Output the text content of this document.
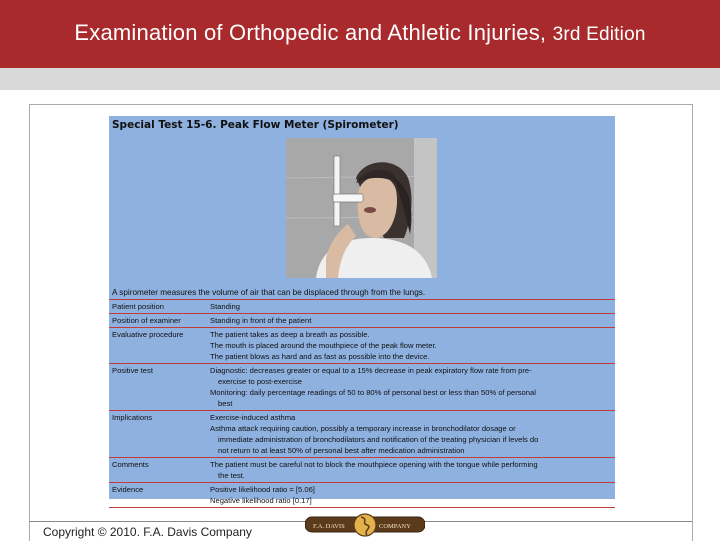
Examination of Orthopedic and Athletic Injuries, 3rd Edition
Special Test 15-6. Peak Flow Meter (Spirometer)
A spirometer measures the volume of air that can be displaced through from the lungs.
Patient position	Standing

Position of examiner	Standing in front of the patient

Evaluative procedure	The patient takes as deep a breath as possible.
The mouth is placed around the mouthpiece of the peak flow meter.
The patient blows as hard and as fast as possible into the device.

Positive test	Diagnostic: decreases greater or equal to a 15% decrease in peak expiratory flow rate from pre-
exercise to post-exercise
Monitoring: daily percentage readings of 50 to 80% of personal best or less than 50% of personal
best

Implications	Exercise-induced asthma
Asthma attack requiring caution, possibly a temporary increase in bronchodilator dosage or
immediate administration of bronchodilators and notification of the treating physician if levels do
not return to at least 50% of personal best after medication administration

Comments	The patient must be careful not to block the mouthpiece opening with the tongue while performing
the test.

Evidence	Positive likelihood ratio = [5.06]
Negative likelihood ratio [0.17]
Copyright © 2010. F.A. Davis Company	F.A. DAVIS	COMPANY
